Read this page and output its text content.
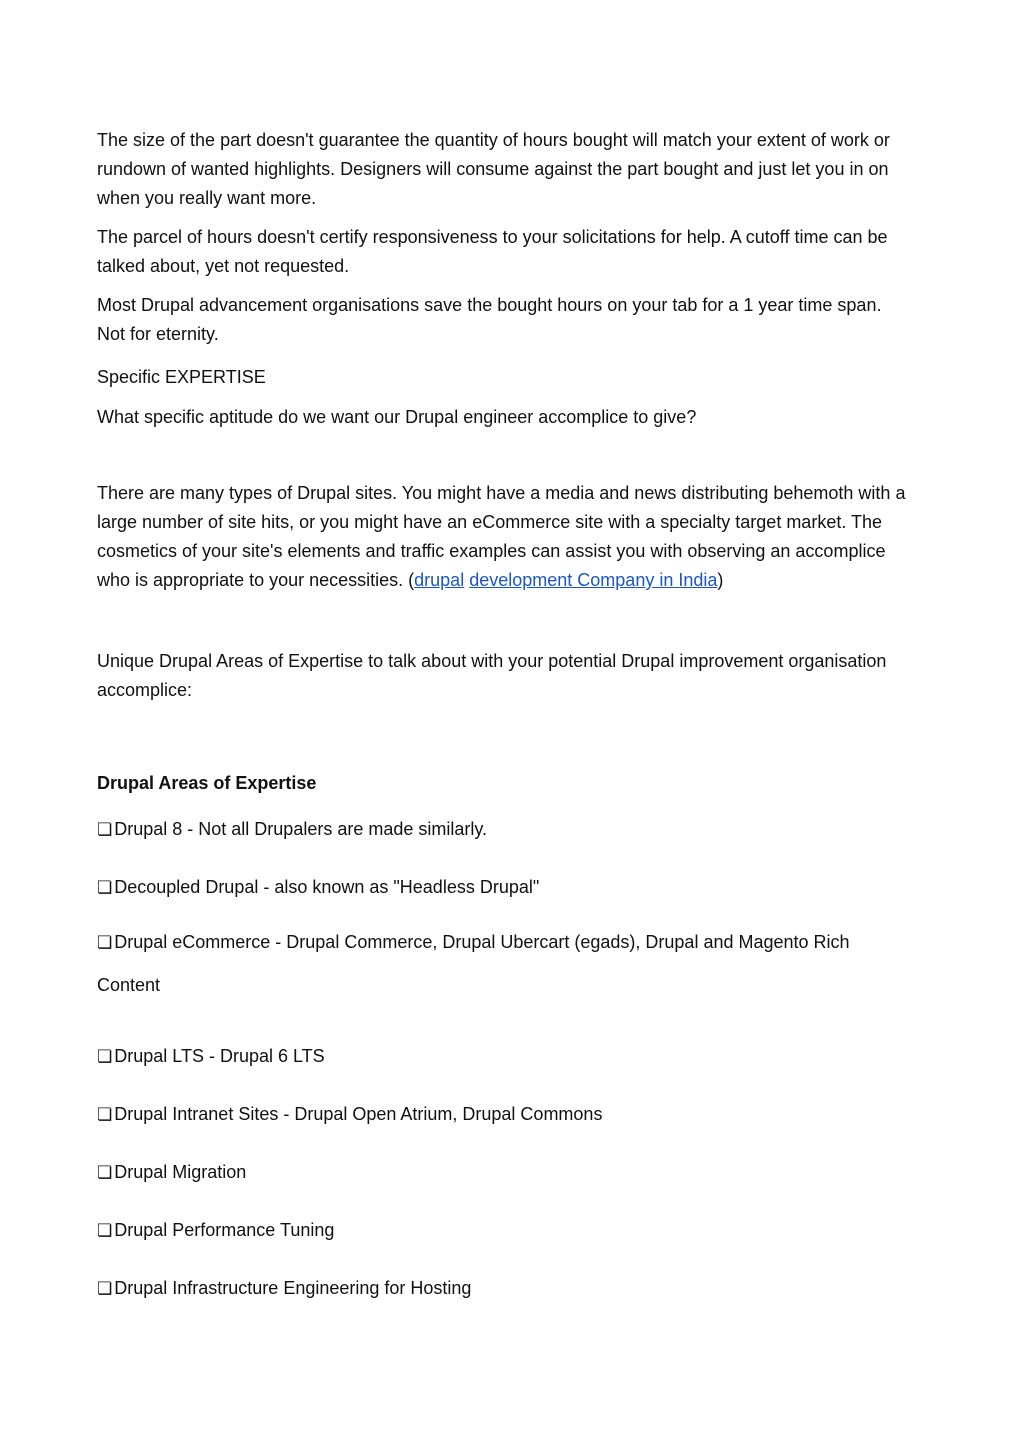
The size of the part doesn't guarantee the quantity of hours bought will match your extent of work or rundown of wanted highlights. Designers will consume against the part bought and just let you in on when you really want more.

The parcel of hours doesn't certify responsiveness to your solicitations for help. A cutoff time can be talked about, yet not requested.

Most Drupal advancement organisations save the bought hours on your tab for a 1 year time span. Not for eternity.

Specific EXPERTISE

What specific aptitude do we want our Drupal engineer accomplice to give?

There are many types of Drupal sites. You might have a media and news distributing behemoth with a large number of site hits, or you might have an eCommerce site with a specialty target market. The cosmetics of your site's elements and traffic examples can assist you with observing an accomplice who is appropriate to your necessities. (drupal development Company in India)

Unique Drupal Areas of Expertise to talk about with your potential Drupal improvement organisation accomplice:

Drupal Areas of Expertise

❏ Drupal 8 - Not all Drupalers are made similarly.
❏ Decoupled Drupal - also known as "Headless Drupal"
❏ Drupal eCommerce - Drupal Commerce, Drupal Ubercart (egads), Drupal and Magento Rich Content
❏ Drupal LTS - Drupal 6 LTS
❏ Drupal Intranet Sites - Drupal Open Atrium, Drupal Commons
❏ Drupal Migration
❏ Drupal Performance Tuning
❏ Drupal Infrastructure Engineering for Hosting
